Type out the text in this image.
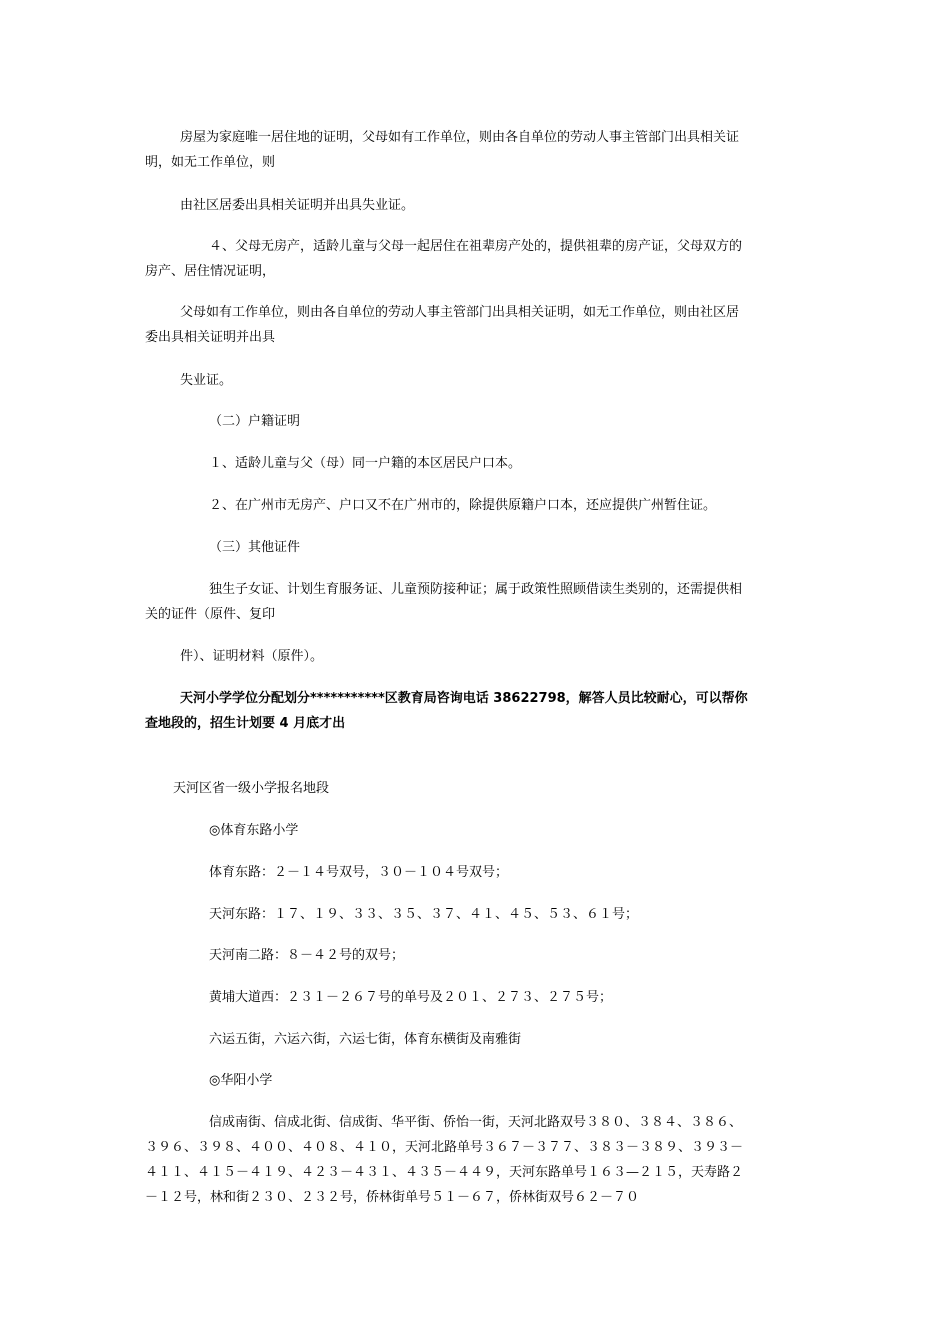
房屋为家庭唯一居住地的证明，父母如有工作单位，则由各自单位的劳动人事主管部门出具相关证
明，如无工作单位，则
由社区居委出具相关证明并出具失业证。
４、父母无房产，适龄儿童与父母一起居住在祖辈房产处的，提供祖辈的房产证，父母双方的
房产、居住情况证明，
父母如有工作单位，则由各自单位的劳动人事主管部门出具相关证明，如无工作单位，则由社区居
委出具相关证明并出具
失业证。
（二）户籍证明
１、适龄儿童与父（母）同一户籍的本区居民户口本。
２、在广州市无房产、户口又不在广州市的，除提供原籍户口本，还应提供广州暂住证。
（三）其他证件
独生子女证、计划生育服务证、儿童预防接种证；属于政策性照顾借读生类别的，还需提供相
关的证件（原件、复印
件）、证明材料（原件）。
天河小学学位分配划分***********区教育局咨询电话 38622798，解答人员比较耐心，可以帮你
查地段的，招生计划要 4 月底才出
天河区省一级小学报名地段
◎体育东路小学
体育东路：２－１４号双号，３０－１０４号双号；
天河东路：１７、１９、３３、３５、３７、４１、４５、５３、６１号；
天河南二路：８－４２号的双号；
黄埔大道西：２３１－２６７号的单号及２０１、２７３、２７５号；
六运五街，六运六街，六运七街，体育东横街及南雅街
◎华阳小学
信成南街、信成北街、信成街、华平街、侨怡一街，天河北路双号３８０、３８４、３８６、
３９６、３９８、４００、４０８、４１０，天河北路单号３６７－３７７、３８３－３８９、３９３－
４１１、４１５－４１９、４２３－４３１、４３５－４４９，天河东路单号１６３—２１５，天寿路２
－１２号，林和街２３０、２３２号，侨林街单号５１－６７，侨林街双号６２－７０
